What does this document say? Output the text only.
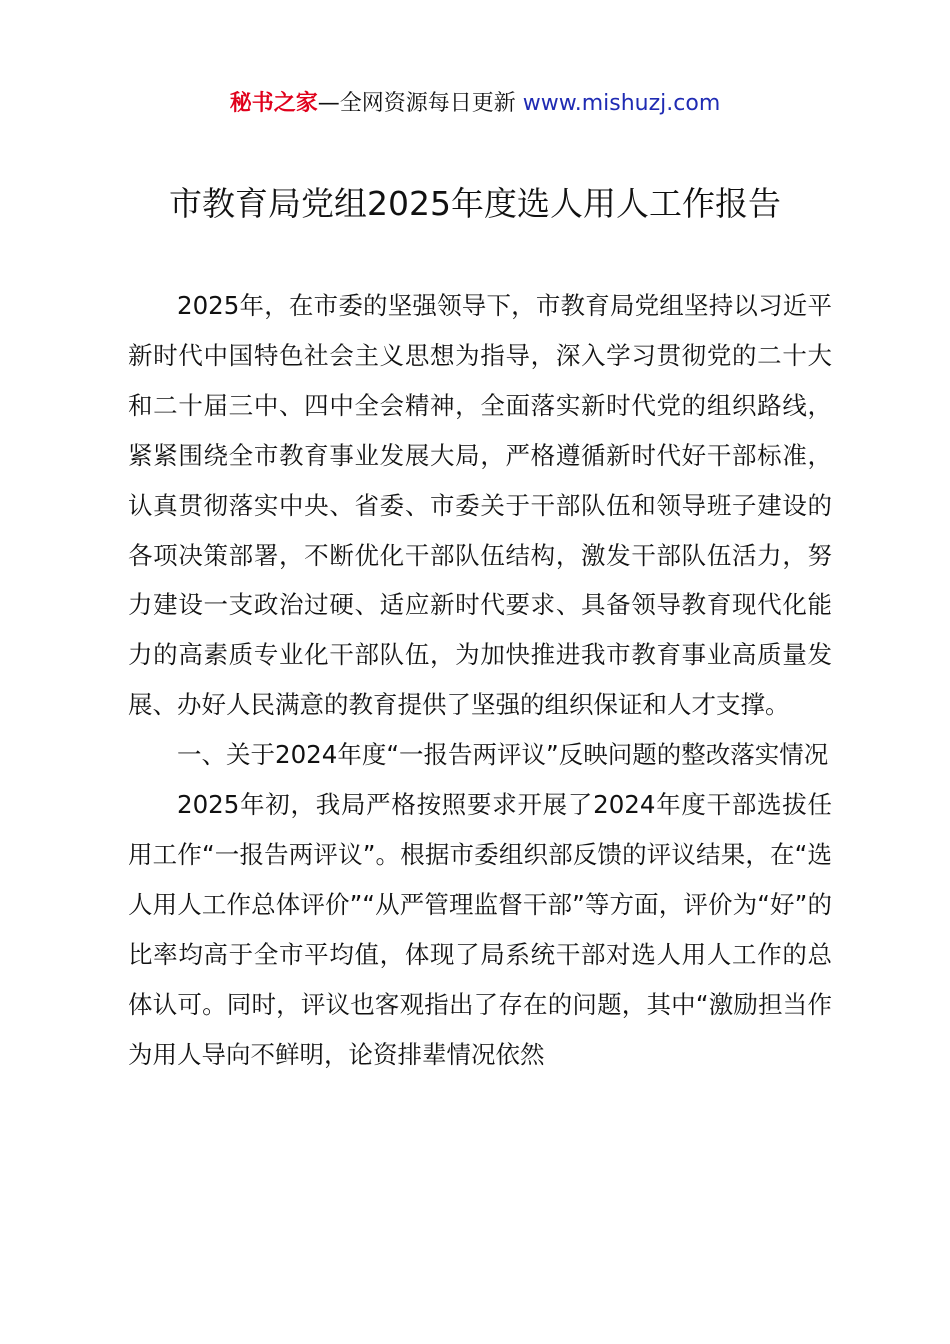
秘书之家—全网资源每日更新 www.mishuzj.com
市教育局党组2025年度选人用人工作报告

2025年，在市委的坚强领导下，市教育局党组坚持以习近平新时代中国特色社会主义思想为指导，深入学习贯彻党的二十大和二十届三中、四中全会精神，全面落实新时代党的组织路线，紧紧围绕全市教育事业发展大局，严格遵循新时代好干部标准，认真贯彻落实中央、省委、市委关于干部队伍和领导班子建设的各项决策部署，不断优化干部队伍结构，激发干部队伍活力，努力建设一支政治过硬、适应新时代要求、具备领导教育现代化能力的高素质专业化干部队伍，为加快推进我市教育事业高质量发展、办好人民满意的教育提供了坚强的组织保证和人才支撑。

一、关于2024年度“一报告两评议”反映问题的整改落实情况

2025年初，我局严格按照要求开展了2024年度干部选拔任用工作“一报告两评议”。根据市委组织部反馈的评议结果，在“选人用人工作总体评价”“从严管理监督干部”等方面，评价为“好”的比率均高于全市平均值，体现了局系统干部对选人用人工作的总体认可。同时，评议也客观指出了存在的问题，其中“激励担当作为用人导向不鲜明，论资排辈情况依然
